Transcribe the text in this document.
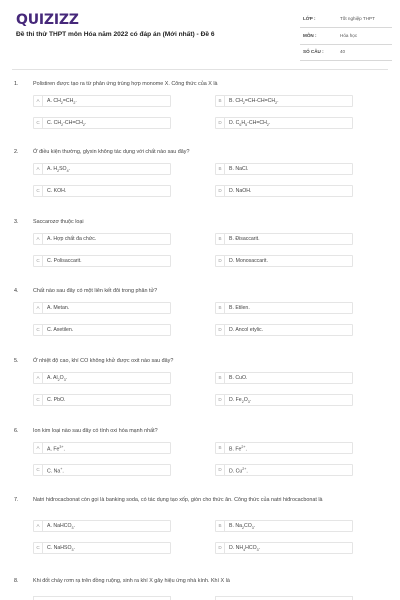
QUIZIZZ
Đề thi thử THPT môn Hóa năm 2022 có đáp án (Mới nhất) - Đề 6
LỚP :	Tốt nghiệp THPT
MÔN :	Hóa học
SỐ CÂU :	40
1.	Polistiren được tạo ra từ phản ứng trùng hợp monome X. Công thức của X là
A	A. $CH_2=CH_2$.	B	B. $CH_2=CH-CH=CH_2$.
C	C. $CH_2-CH=CH_2$.	D	D. $C_6H_5-CH=CH_2$.
2.	Ở điều kiện thường, glyxin không tác dụng với chất nào sau đây?
A	A. $H_2SO_4$.	B	B. NaCl.
C	C. KOH.	D	D. NaOH.
3.	Saccarozơ thuộc loại
A	A. Hợp chất đa chức.	B	B. Đisaccarit.
C	C. Polisaccarit.	D	D. Monosaccarit.
4.	Chất nào sau đây có một liên kết đôi trong phân tử?
A	A. Metan.	B	B. Etilen.
C	C. Axetilen.	D	D. Ancol etylic.
5.	Ở nhiệt độ cao, khí CO không khử được oxit nào sau đây?
A	A. $Al_2O_3$.	B	B. CuO.
C	C. PbO.	D	D. $Fe_2O_3$.
6.	Ion kim loại nào sau đây có tính oxi hóa mạnh nhất?
A	A. $Fe^{3+}$.	B	B. $Fe^{2+}$.
C	C. Na+.	D	D. $Cu^{2+}$.
7.	Natri hiđrocacbonat còn gọi là banking soda, có tác dụng tạo xốp, giòn cho thức ăn. Công thức của natri hiđrocacbonat là
A	A. NaHCO$_3$.	B	B. $Na_2CO_3$.
C	C. NaHSO$_3$.	D	D. $NH_4HCO_3$.
8.	Khi đốt cháy rơm rạ trên đồng ruộng, sinh ra khí X gây hiệu ứng nhà kính. Khí X là
